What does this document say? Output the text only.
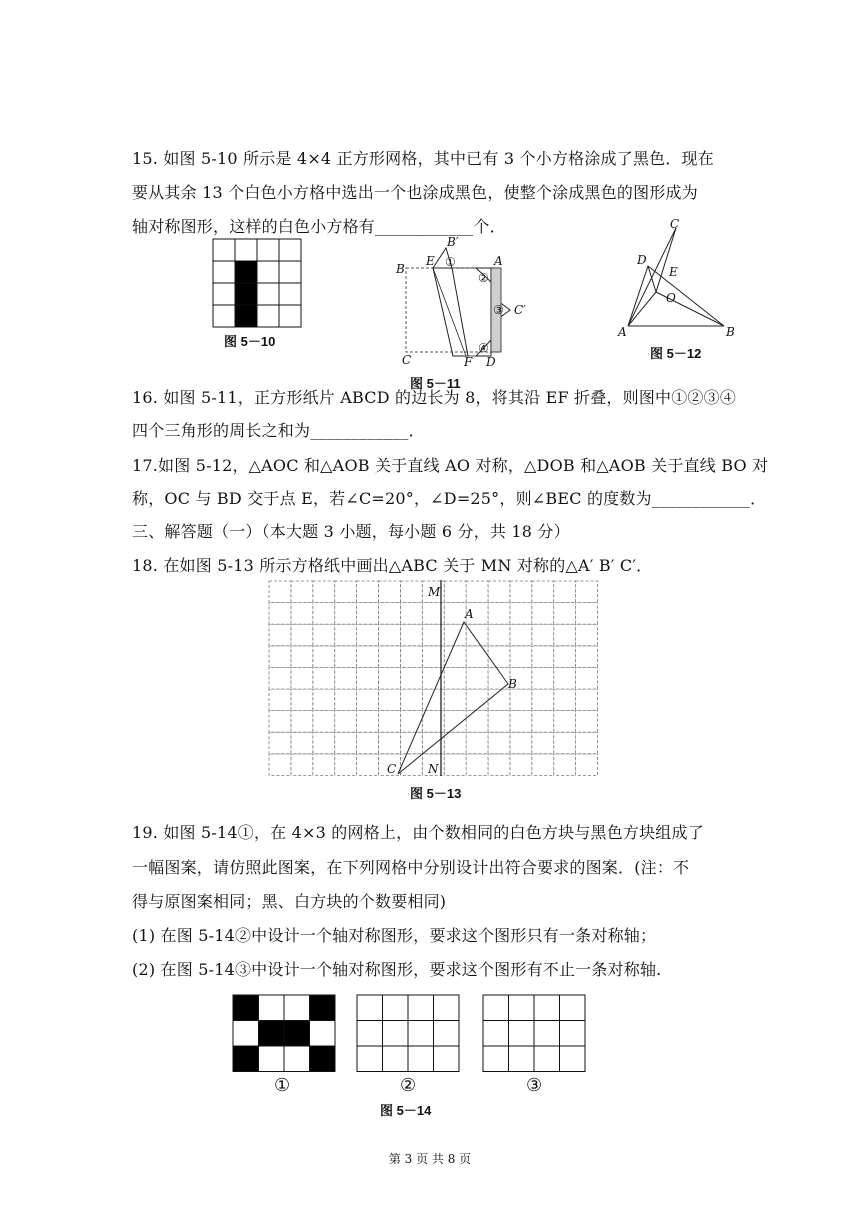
15. 如图 5-10 所示是 4×4 正方形网格，其中已有 3 个小方格涂成了黑色．现在
要从其余 13 个白色小方格中选出一个也涂成黑色，使整个涂成黑色的图形成为
轴对称图形，这样的白色小方格有____________个．
图 5－10
B′
E	A
B
C′
C	F D
①
②
③
④
图 5－11
C
D
E
O
A	B
图 5－12
16. 如图 5-11，正方形纸片 ABCD 的边长为 8，将其沿 EF 折叠，则图中①②③④
四个三角形的周长之和为____________．
17.如图 5-12，△AOC 和△AOB 关于直线 AO 对称，△DOB 和△AOB 关于直线 BO 对
称，OC 与 BD 交于点 E，若∠C=20°，∠D=25°，则∠BEC 的度数为____________．
三、解答题（一）（本大题 3 小题，每小题 6 分，共 18 分）
18. 在如图 5-13 所示方格纸中画出△ABC 关于 MN 对称的△A′ B′ C′．
M
N
A
B
C
图 5－13
19. 如图 5-14①，在 4×3 的网格上，由个数相同的白色方块与黑色方块组成了
一幅图案，请仿照此图案，在下列网格中分别设计出符合要求的图案．(注：不
得与原图案相同；黑、白方块的个数要相同)
(1) 在图 5-14②中设计一个轴对称图形，要求这个图形只有一条对称轴；
(2) 在图 5-14③中设计一个轴对称图形，要求这个图形有不止一条对称轴.
①	②	③
图 5－14
第 3 页 共 8 页
